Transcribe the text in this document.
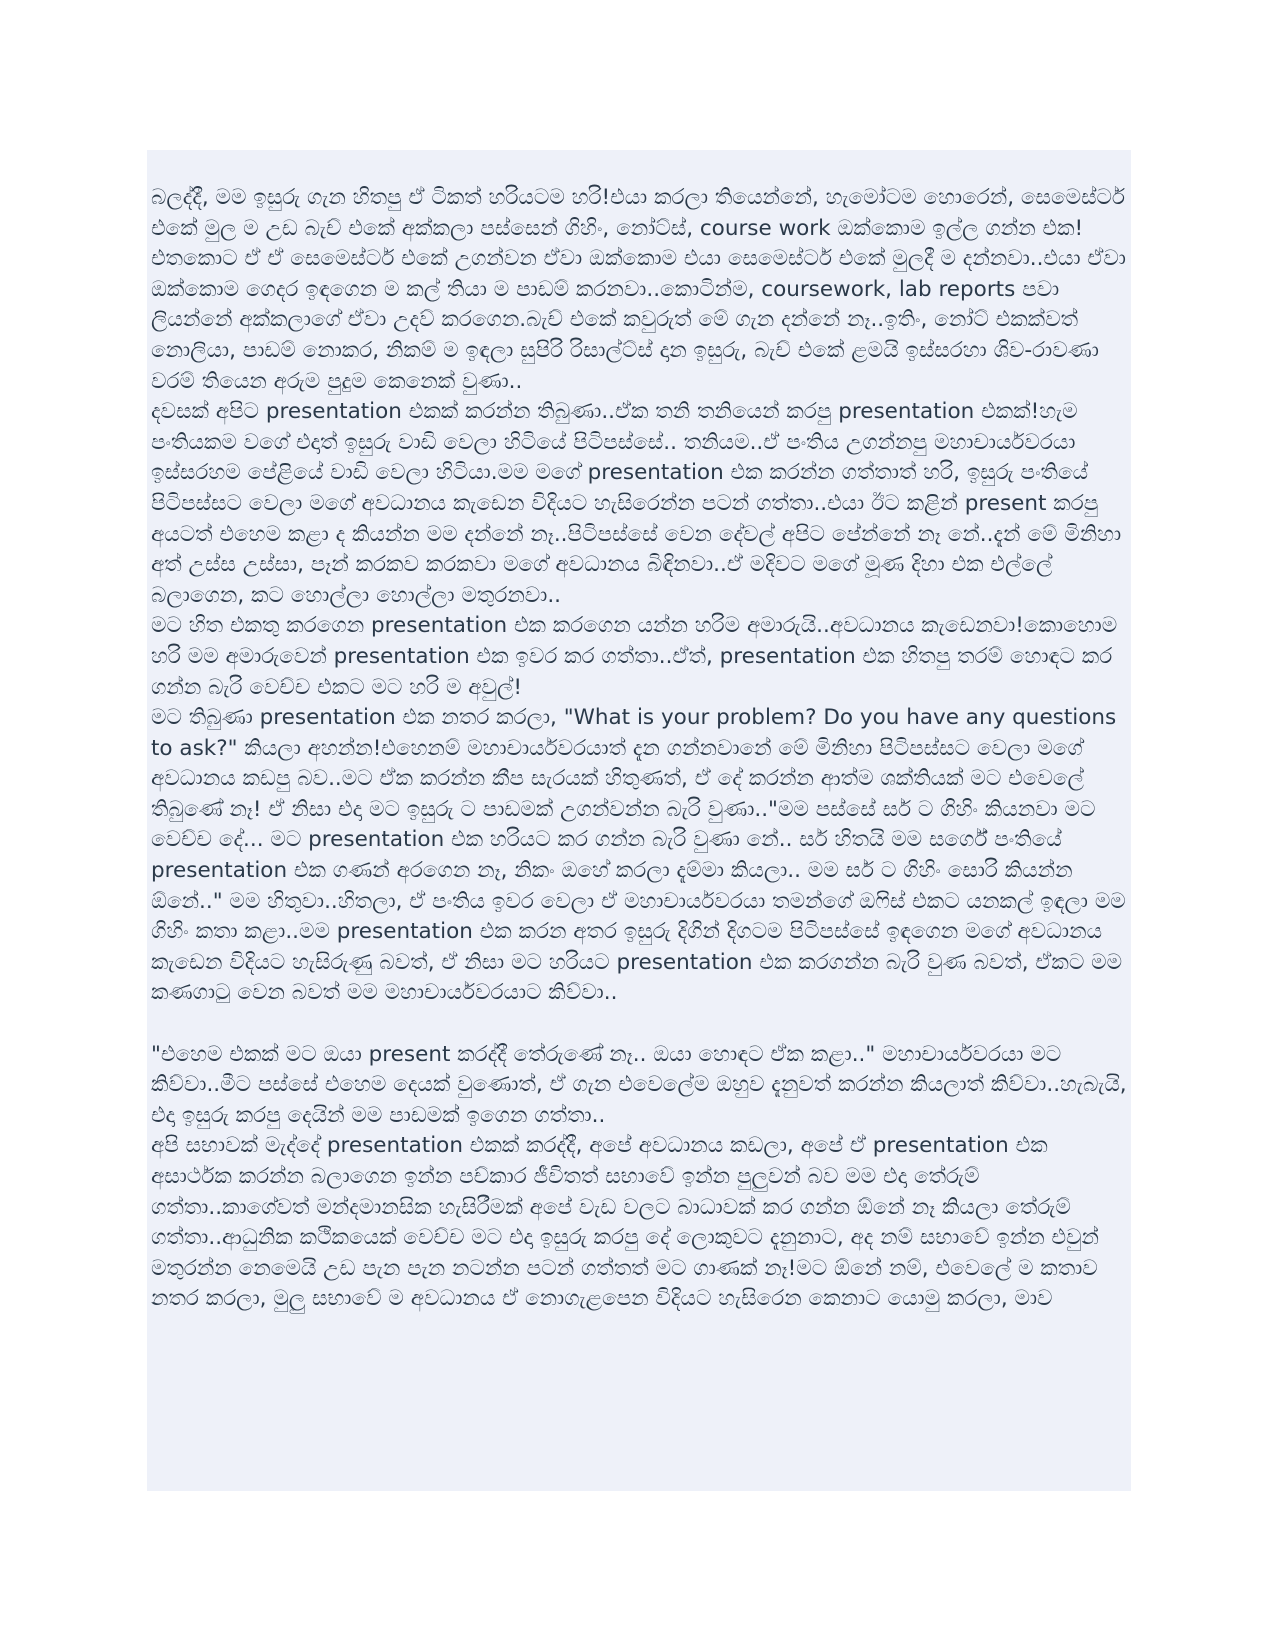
බලද්දී, මම ඉසුරු ගැන හිතපු ඒ ටිකත් හරියටම හරි!එයා කරලා තියෙන්නේ, හැමෝටම හොරෙන්, සෙමෙස්ටර් එකේ මුල ම උඩ බැච් එකේ අක්කලා පස්සෙන් ගිහිං, නෝට්ස්, course work ඔක්කොම ඉල්ල ගන්න එක!එතකොට ඒ ඒ සෙමෙස්ටර් එකේ උගන්වන ඒවා ඔක්කොම එයා සෙමෙස්ටර් එකේ මුලදී ම දන්නවා..එයා ඒවා ඔක්කොම ගෙදර ඉඳගෙන ම කල් තියා ම පාඩම් කරනවා..කොටින්ම, coursework, lab reports පවා ලියන්නේ අක්කලාගේ ඒවා උදව් කරගෙන.බැච් එකේ කවුරුත් මේ ගැන දන්නේ නෑ..ඉතිං, නෝට් එකක්වත් නොලියා, පාඩම් නොකර, නිකම් ම ඉඳලා සුපිරි රිසාල්ට්ස් දාන ඉසුරු, බැච් එකේ ළමයි ඉස්සරහා ශිව-රාවණා වරම් තියෙන අරුම පුදුම කෙනෙක් වුණා..

දවසක් අපිට presentation එකක් කරන්න තිබුණා..ඒක තනි තනියෙන් කරපු presentation එකක්!හැම පංතියකම වගේ එදාත් ඉසුරු වාඩි වෙලා හිටියේ පිටිපස්සේ.. තනියම..ඒ පංතිය උගන්නපු මහාචාර්යවරයා ඉස්සරහම පේළියේ වාඩි වෙලා හිටියා.මම මගේ presentation එක කරන්න ගත්තාත් හරි, ඉසුරු පංතියේ පිටිපස්සට වෙලා මගේ අවධානය කැඩෙන විදියට හැසිරෙන්න පටන් ගත්තා..එයා ඊට කළින් present කරපු අයටත් එහෙම කළා ද කියන්න මම දන්නේ නෑ..පිටිපස්සේ වෙන දේවල් අපිට පේන්නේ නෑ නේ..දැන් මේ මිනිහා අත් උස්ස උස්සා, පෑන් කරකව කරකවා මගේ අවධානය බිඳිනවා..ඒ මදිවට මගේ මූණ දිහා එක එල්ලේ බලාගෙන, කට හොල්ලා හොල්ලා මතුරනවා..

මට හිත එකතු කරගෙන presentation එක කරගෙන යන්න හරිම අමාරුයි..අවධානය කැඩෙනවා!කොහොම හරි මම අමාරුවෙන් presentation එක ඉවර කර ගත්තා..ඒත්, presentation එක හිතපු තරම් හොඳට කර ගන්න බැරි වෙච්ච එකට මට හරි ම අවුල්!

මට තිබුණා presentation එක නතර කරලා, "What is your problem? Do you have any questions to ask?" කියලා අහන්න!එහෙනම් මහාචාර්යවරයාත් දැන ගන්නවානේ මේ මිනිහා පිටිපස්සට වෙලා මගේ අවධානය කඩපු බව..මට ඒක කරන්න කීප සැරයක් හිතුණත්, ඒ දේ කරන්න ආත්ම ශක්තියක් මට එවෙලේ තිබුණේ නෑ! ඒ නිසා එදා මට ඉසුරු ට පාඩමක් උගන්වන්න බැරි වුණා.."මම පස්සේ සර් ට ගිහිං කියනවා මට වෙච්ච දේ... මට presentation එක හරියට කර ගන්න බැරි වුණා නේ.. සර් හිතයි මම සර්ගේ පංතියේ presentation එක ගණන් අරගෙන නෑ, නිකං ඔහේ කරලා දැම්මා කියලා.. මම සර් ට ගිහිං සොරි කියන්න ඕනේ.." මම හිතුවා..හිතලා, ඒ පංතිය ඉවර වෙලා ඒ මහාචාර්යවරයා තමන්ගේ ඔෆිස් එකට යනකල් ඉඳලා මම ගිහිං කතා කළා..මම presentation එක කරන අතර ඉසුරු දිගින් දිගටම පිටිපස්සේ ඉඳගෙන මගේ අවධානය කැඩෙන විදියට හැසිරුණු බවත්, ඒ නිසා මට හරියට presentation එක කරගන්න බැරි වුණ බවත්, ඒකට මම කණගාටු වෙන බවත් මම මහාචාර්යවරයාට කිව්වා..

"එහෙම එකක් මට ඔයා present කරද්දී තේරුණේ නෑ.. ඔයා හොඳට ඒක කළා.." මහාචාර්යවරයා මට කිව්වා..මීට පස්සේ එහෙම දෙයක් වුණොත්, ඒ ගැන එවෙලේම ඔහුව දැනුවත් කරන්න කියලාත් කිව්වා..හැබැයි, එදා ඉසුරු කරපු දෙයින් මම පාඩමක් ඉගෙන ගත්තා..

අපි සභාවක් මැද්දේ presentation එකක් කරද්දී, අපේ අවධානය කඩලා, අපේ ඒ presentation එක අසාර්ථක කරන්න බලාගෙන ඉන්න පච්කාර ජීවිතත් සභාවේ ඉන්න පුලුවන් බව මම එදා තේරුම් ගත්තා..කාගේවත් මන්දමානසික හැසිරීමක් අපේ වැඩ වලට බාධාවක් කර ගන්න ඕනේ නෑ කියලා තේරුම් ගත්තා..ආධුනික කථිකයෙක් වෙච්ච මට එදා ඉසුරු කරපු දේ ලොකුවට දැනුනාට, අද නම් සභාවේ ඉන්න එවුන් මතුරන්න නෙමෙයි උඩ පැන පැන නටන්න පටන් ගත්තත් මට ගාණක් නෑ!මට ඕනේ නම්, එවෙලේ ම කතාව නතර කරලා, මුලු සභාවේ ම අවධානය ඒ නොගැළපෙන විදියට හැසිරෙන කෙනාට යොමු කරලා, මාව
